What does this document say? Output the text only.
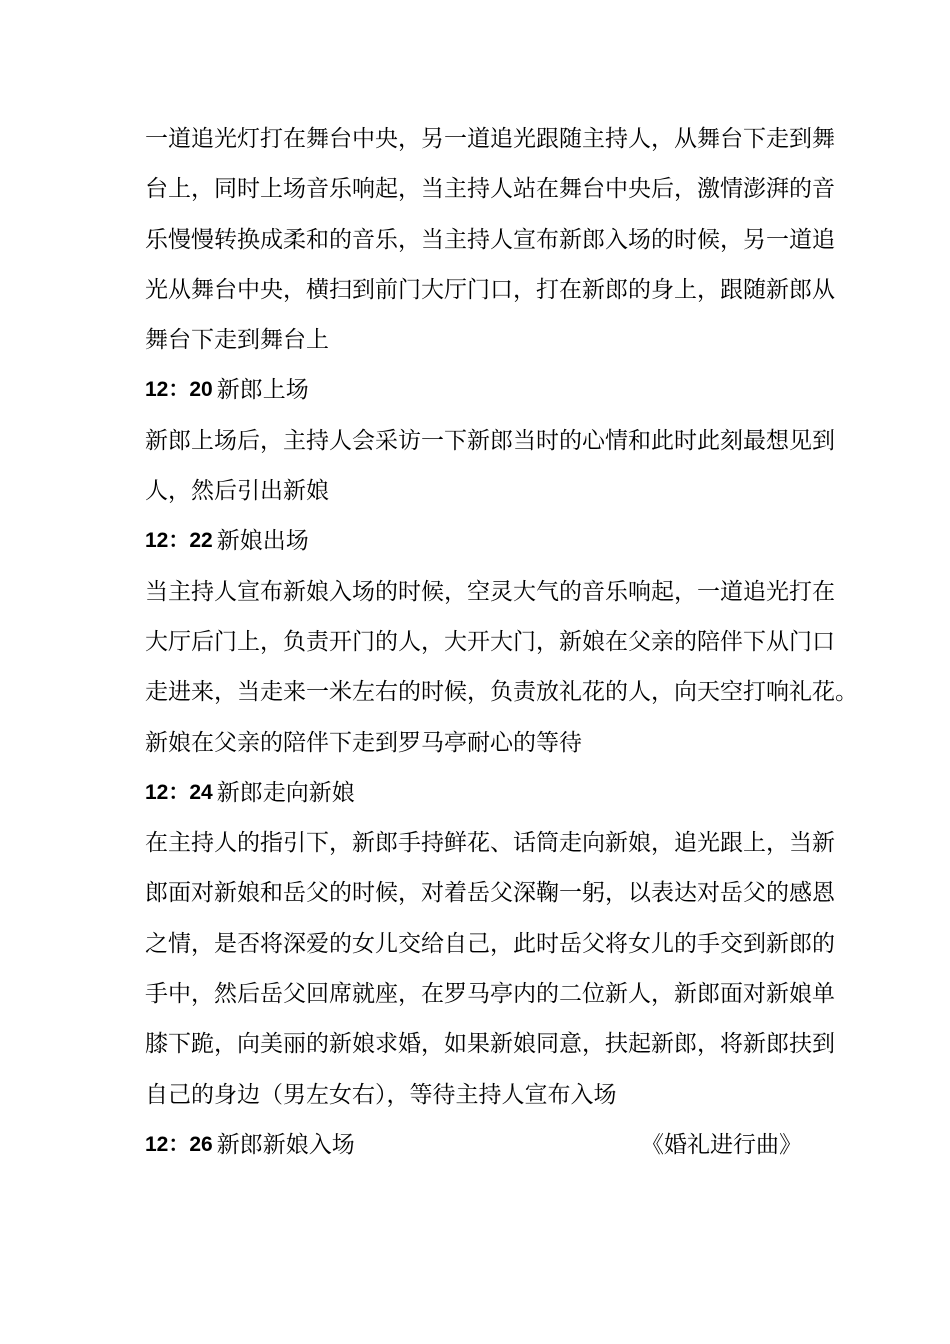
一道追光灯打在舞台中央，另一道追光跟随主持人，从舞台下走到舞
台上，同时上场音乐响起，当主持人站在舞台中央后，激情澎湃的音
乐慢慢转换成柔和的音乐，当主持人宣布新郎入场的时候，另一道追
光从舞台中央，横扫到前门大厅门口，打在新郎的身上，跟随新郎从
舞台下走到舞台上
12 ： 20 新郎上场
新郎上场后，主持人会采访一下新郎当时的心情和此时此刻最想见到
人，然后引出新娘
12 ： 22 新娘出场
当主持人宣布新娘入场的时候，空灵大气的音乐响起，一道追光打在
大厅后门上，负责开门的人，大开大门，新娘在父亲的陪伴下从门口
走进来，当走来一米左右的时候，负责放礼花的人，向天空打响礼花。
新娘在父亲的陪伴下走到罗马亭耐心的等待
12 ： 24 新郎走向新娘
在主持人的指引下，新郎手持鲜花、话筒走向新娘，追光跟上，当新
郎面对新娘和岳父的时候，对着岳父深鞠一躬，以表达对岳父的感恩
之情，是否将深爱的女儿交给自己，此时岳父将女儿的手交到新郎的
手中，然后岳父回席就座，在罗马亭内的二位新人，新郎面对新娘单
膝下跪，向美丽的新娘求婚，如果新娘同意，扶起新郎，将新郎扶到
自己的身边（男左女右），等待主持人宣布入场
12 ： 26 新郎新娘入场	《婚礼进行曲》
